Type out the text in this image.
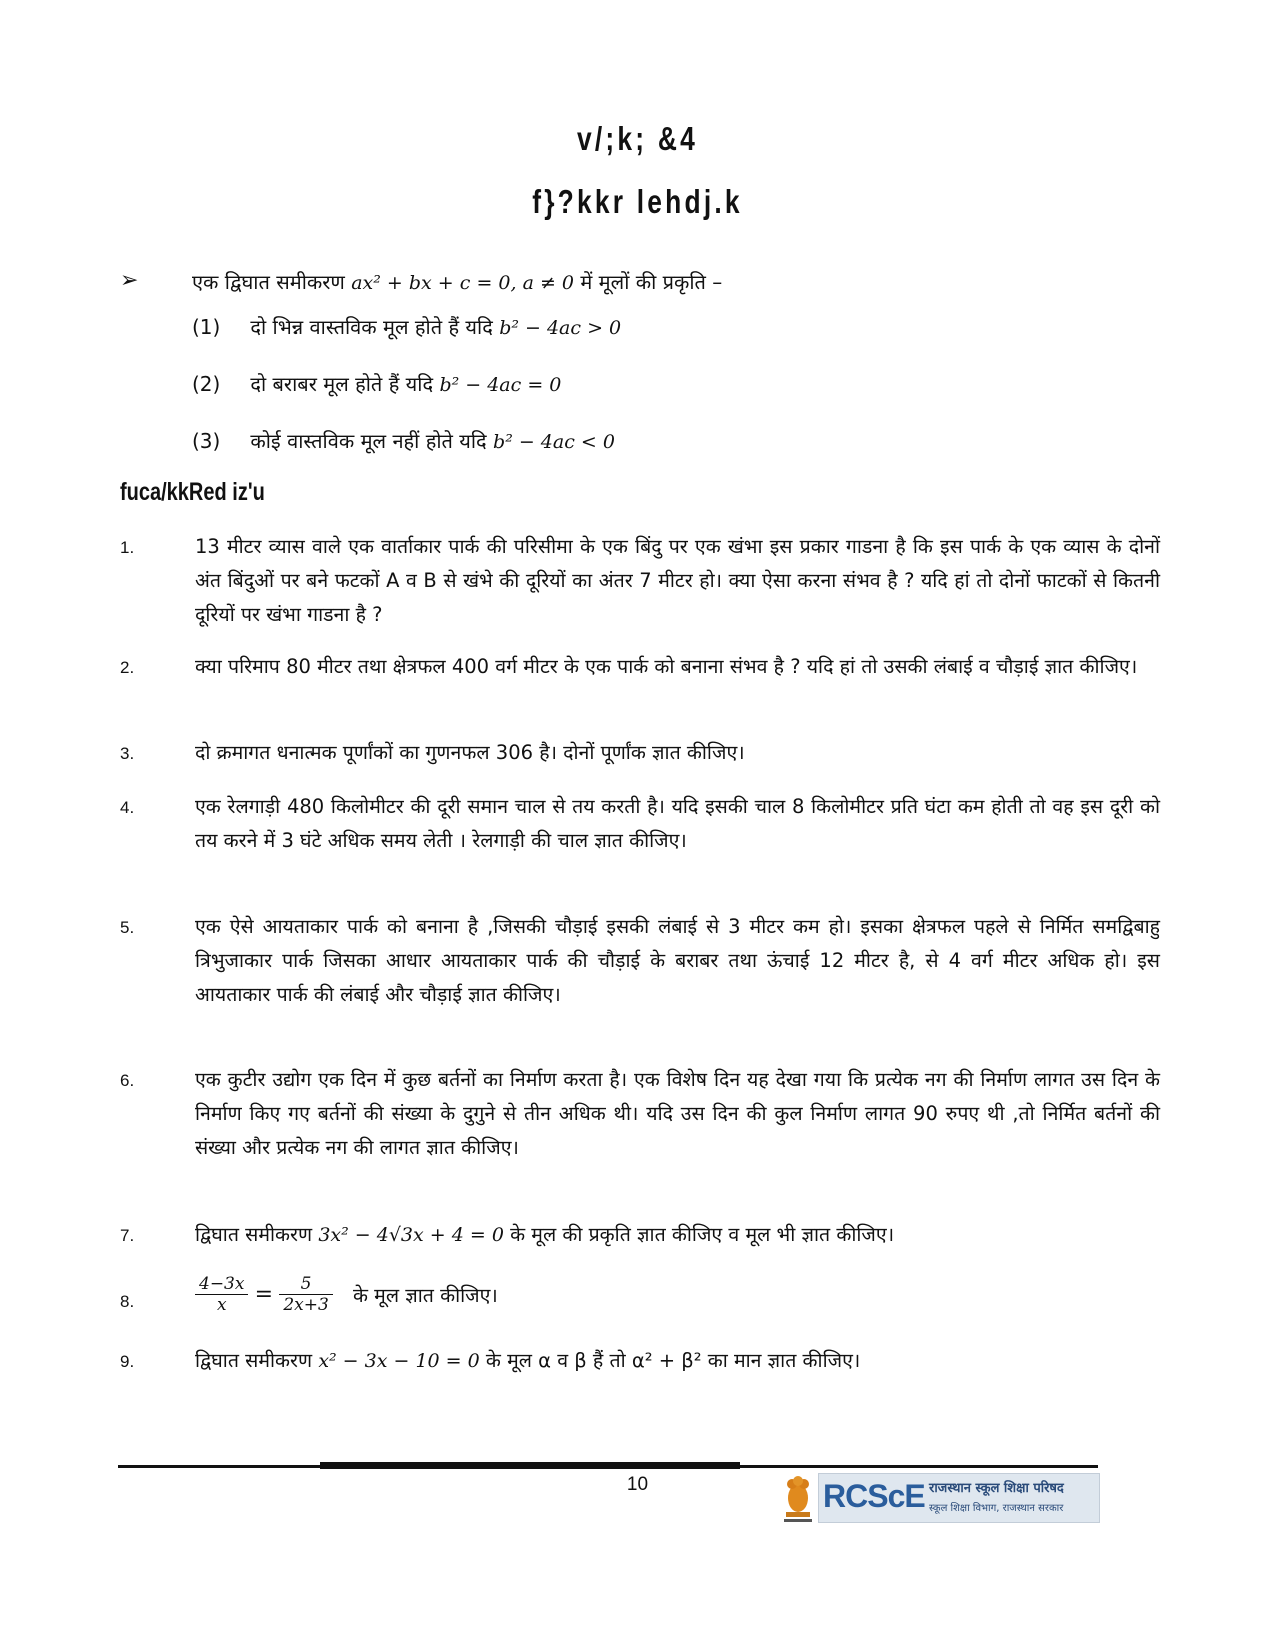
v/;k; &4
f}?kkr lehdj.k
➢	एक द्विघात समीकरण ax² + bx + c = 0, a ≠ 0 में मूलों की प्रकृति –
(1) दो भिन्न वास्तविक मूल होते हैं यदि b² − 4ac > 0
(2) दो बराबर मूल होते हैं यदि b² − 4ac = 0
(3) कोई वास्तविक मूल नहीं होते यदि b² − 4ac < 0
fuca/kkRed iz'u
1.	13 मीटर व्यास वाले एक वार्ताकार पार्क की परिसीमा के एक बिंदु पर एक खंभा इस प्रकार गाडना है कि इस पार्क के एक व्यास के दोनों अंत बिंदुओं पर बने फटकों A व B से खंभे की दूरियों का अंतर 7 मीटर हो। क्या ऐसा करना संभव है ? यदि हां तो दोनों फाटकों से कितनी दूरियों पर खंभा गाडना है ?
2.	क्या परिमाप 80 मीटर तथा क्षेत्रफल 400 वर्ग मीटर के एक पार्क को बनाना संभव है ? यदि हां तो उसकी लंबाई व चौड़ाई ज्ञात कीजिए।
3.	दो क्रमागत धनात्मक पूर्णांकों का गुणनफल 306 है। दोनों पूर्णांक ज्ञात कीजिए।
4.	एक रेलगाड़ी 480 किलोमीटर की दूरी समान चाल से तय करती है। यदि इसकी चाल 8 किलोमीटर प्रति घंटा कम होती तो वह इस दूरी को तय करने में 3 घंटे अधिक समय लेती । रेलगाड़ी की चाल ज्ञात कीजिए।
5.	एक ऐसे आयताकार पार्क को बनाना है ,जिसकी चौड़ाई इसकी लंबाई से 3 मीटर कम हो। इसका क्षेत्रफल पहले से निर्मित समद्विबाहु त्रिभुजाकार पार्क जिसका आधार आयताकार पार्क की चौड़ाई के बराबर तथा ऊंचाई 12 मीटर है, से 4 वर्ग मीटर अधिक हो। इस आयताकार पार्क की लंबाई और चौड़ाई ज्ञात कीजिए।
6.	एक कुटीर उद्योग एक दिन में कुछ बर्तनों का निर्माण करता है। एक विशेष दिन यह देखा गया कि प्रत्येक नग की निर्माण लागत उस दिन के निर्माण किए गए बर्तनों की संख्या के दुगुने से तीन अधिक थी। यदि उस दिन की कुल निर्माण लागत 90 रुपए थी ,तो निर्मित बर्तनों की संख्या और प्रत्येक नग की लागत ज्ञात कीजिए।
7.	द्विघात समीकरण 3x² − 4√3x + 4 = 0 के मूल की प्रकृति ज्ञात कीजिए व मूल भी ज्ञात कीजिए।
8.	$\frac{4-3x}{x} = \frac{5}{2x+3}$ के मूल ज्ञात कीजिए।
9.	द्विघात समीकरण x² − 3x − 10 = 0 के मूल α व β हैं तो α² + β² का मान ज्ञात कीजिए।
10	RCScE राजस्थान स्कूल शिक्षा परिषद
स्कूल शिक्षा विभाग, राजस्थान सरकार
